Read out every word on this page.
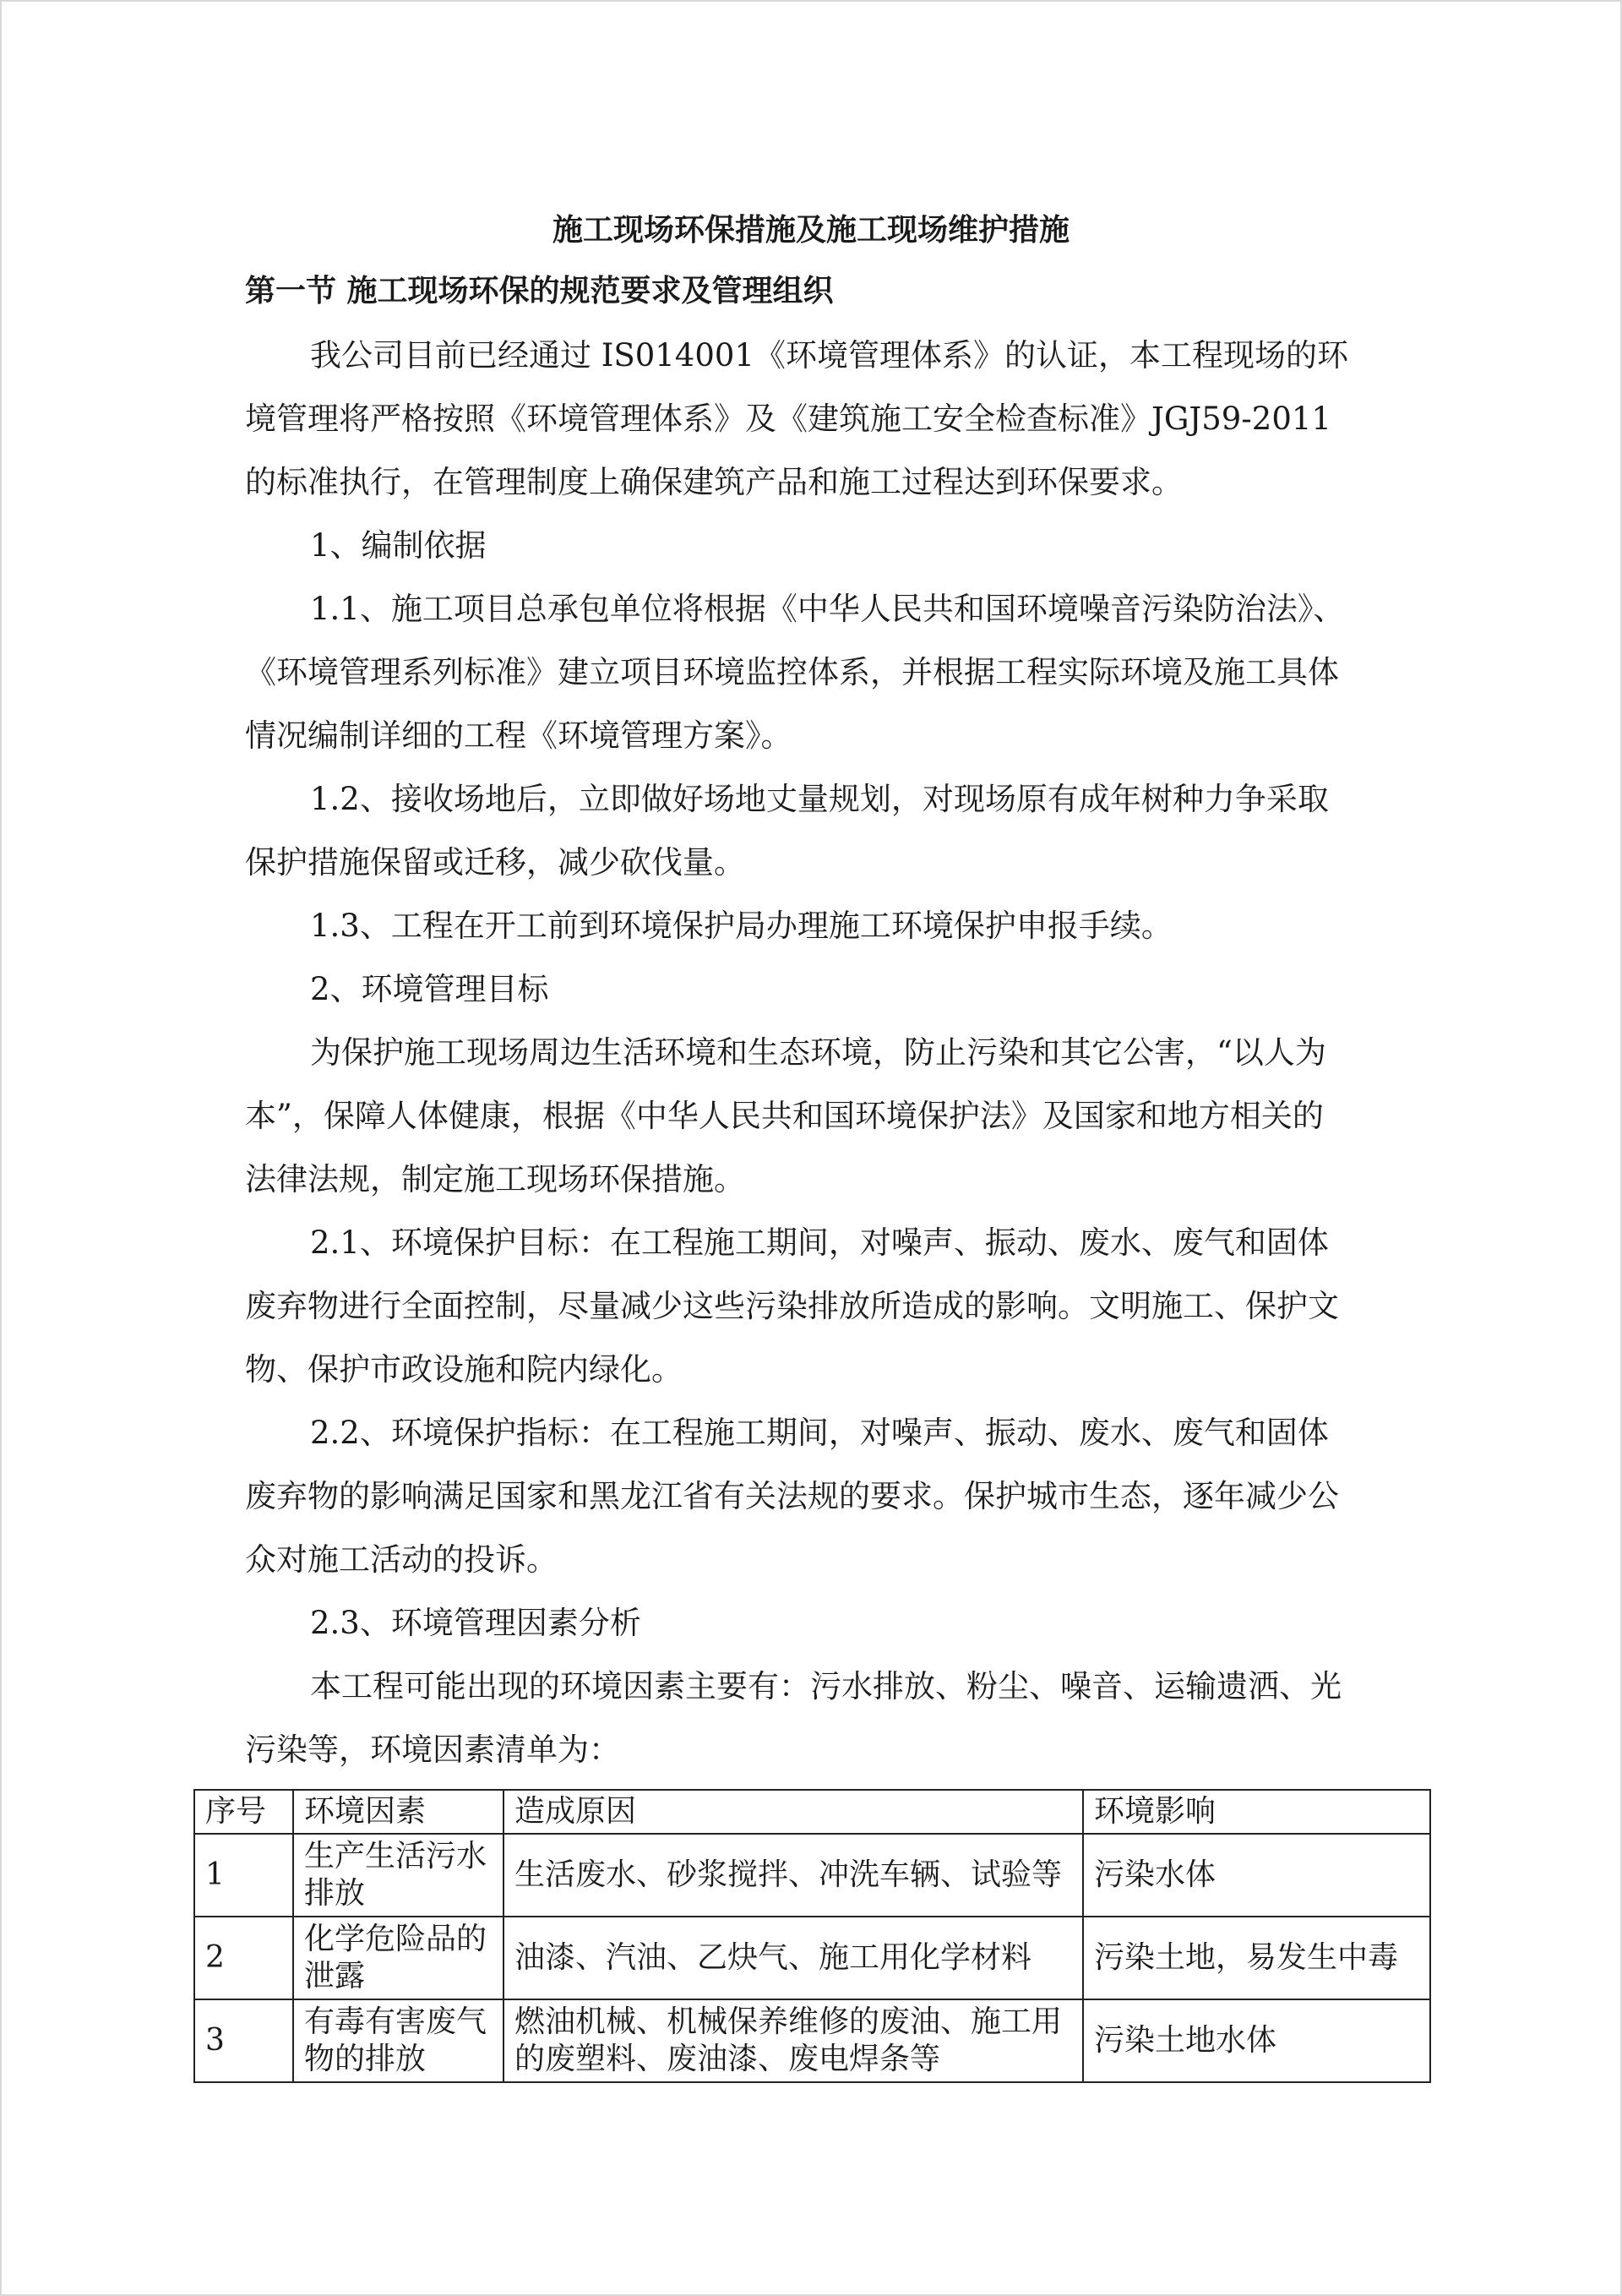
施工现场环保措施及施工现场维护措施
第一节 施工现场环保的规范要求及管理组织
我公司目前已经通过 IS014001《环境管理体系》的认证，本工程现场的环
境管理将严格按照《环境管理体系》及《建筑施工安全检查标准》JGJ59-2011
的标准执行，在管理制度上确保建筑产品和施工过程达到环保要求。
1、编制依据
1.1、施工项目总承包单位将根据《中华人民共和国环境噪音污染防治法》、
《环境管理系列标准》建立项目环境监控体系，并根据工程实际环境及施工具体
情况编制详细的工程《环境管理方案》。
1.2、接收场地后，立即做好场地丈量规划，对现场原有成年树种力争采取
保护措施保留或迁移，减少砍伐量。
1.3、工程在开工前到环境保护局办理施工环境保护申报手续。
2、环境管理目标
为保护施工现场周边生活环境和生态环境，防止污染和其它公害，“以人为
本”，保障人体健康，根据《中华人民共和国环境保护法》及国家和地方相关的
法律法规，制定施工现场环保措施。
2.1、环境保护目标：在工程施工期间，对噪声、振动、废水、废气和固体
废弃物进行全面控制，尽量减少这些污染排放所造成的影响。文明施工、保护文
物、保护市政设施和院内绿化。
2.2、环境保护指标：在工程施工期间，对噪声、振动、废水、废气和固体
废弃物的影响满足国家和黑龙江省有关法规的要求。保护城市生态，逐年减少公
众对施工活动的投诉。
2.3、环境管理因素分析
本工程可能出现的环境因素主要有：污水排放、粉尘、噪音、运输遗洒、光
污染等，环境因素清单为：
序号	环境因素	造成原因	环境影响
1	生产生活污水排放	生活废水、砂浆搅拌、冲洗车辆、试验等	污染水体
2	化学危险品的泄露	油漆、汽油、乙炔气、施工用化学材料	污染土地，易发生中毒
3	有毒有害废气物的排放	燃油机械、机械保养维修的废油、施工用的废塑料、废油漆、废电焊条等	污染土地水体
